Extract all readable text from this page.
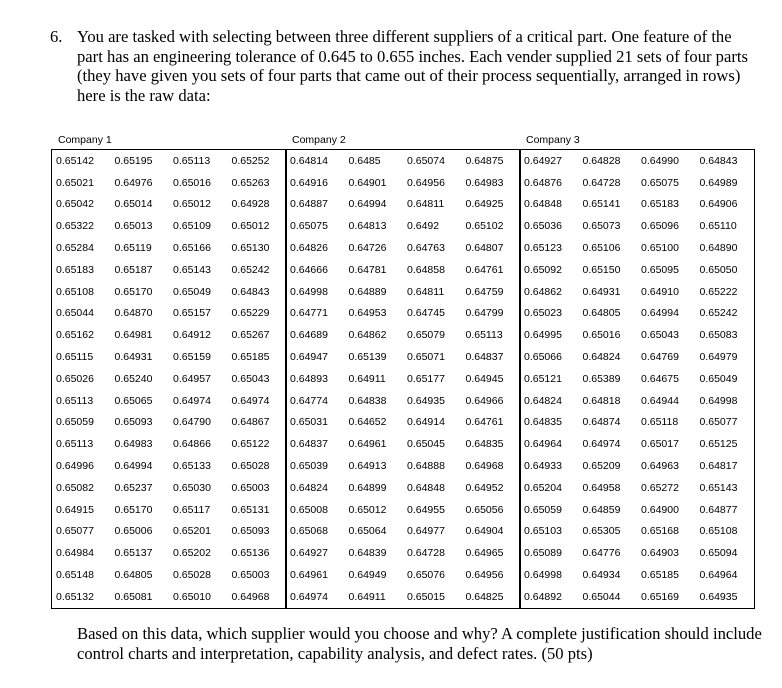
6. You are tasked with selecting between three different suppliers of a critical part. One feature of the part has an engineering tolerance of 0.645 to 0.655 inches. Each vender supplied 21 sets of four parts (they have given you sets of four parts that came out of their process sequentially, arranged in rows) here is the raw data:
Company 1
0.65142	0.65195	0.65113	0.65252
0.65021	0.64976	0.65016	0.65263
0.65042	0.65014	0.65012	0.64928
0.65322	0.65013	0.65109	0.65012
0.65284	0.65119	0.65166	0.65130
0.65183	0.65187	0.65143	0.65242
0.65108	0.65170	0.65049	0.64843
0.65044	0.64870	0.65157	0.65229
0.65162	0.64981	0.64912	0.65267
0.65115	0.64931	0.65159	0.65185
0.65026	0.65240	0.64957	0.65043
0.65113	0.65065	0.64974	0.64974
0.65059	0.65093	0.64790	0.64867
0.65113	0.64983	0.64866	0.65122
0.64996	0.64994	0.65133	0.65028
0.65082	0.65237	0.65030	0.65003
0.64915	0.65170	0.65117	0.65131
0.65077	0.65006	0.65201	0.65093
0.64984	0.65137	0.65202	0.65136
0.65148	0.64805	0.65028	0.65003
0.65132	0.65081	0.65010	0.64968
Company 2
0.64814	0.6485	0.65074	0.64875
0.64916	0.64901	0.64956	0.64983
0.64887	0.64994	0.64811	0.64925
0.65075	0.64813	0.6492	0.65102
0.64826	0.64726	0.64763	0.64807
0.64666	0.64781	0.64858	0.64761
0.64998	0.64889	0.64811	0.64759
0.64771	0.64953	0.64745	0.64799
0.64689	0.64862	0.65079	0.65113
0.64947	0.65139	0.65071	0.64837
0.64893	0.64911	0.65177	0.64945
0.64774	0.64838	0.64935	0.64966
0.65031	0.64652	0.64914	0.64761
0.64837	0.64961	0.65045	0.64835
0.65039	0.64913	0.64888	0.64968
0.64824	0.64899	0.64848	0.64952
0.65008	0.65012	0.64955	0.65056
0.65068	0.65064	0.64977	0.64904
0.64927	0.64839	0.64728	0.64965
0.64961	0.64949	0.65076	0.64956
0.64974	0.64911	0.65015	0.64825
Company 3
0.64927	0.64828	0.64990	0.64843
0.64876	0.64728	0.65075	0.64989
0.64848	0.65141	0.65183	0.64906
0.65036	0.65073	0.65096	0.65110
0.65123	0.65106	0.65100	0.64890
0.65092	0.65150	0.65095	0.65050
0.64862	0.64931	0.64910	0.65222
0.65023	0.64805	0.64994	0.65242
0.64995	0.65016	0.65043	0.65083
0.65066	0.64824	0.64769	0.64979
0.65121	0.65389	0.64675	0.65049
0.64824	0.64818	0.64944	0.64998
0.64835	0.64874	0.65118	0.65077
0.64964	0.64974	0.65017	0.65125
0.64933	0.65209	0.64963	0.64817
0.65204	0.64958	0.65272	0.65143
0.65059	0.64859	0.64900	0.64877
0.65103	0.65305	0.65168	0.65108
0.65089	0.64776	0.64903	0.65094
0.64998	0.64934	0.65185	0.64964
0.64892	0.65044	0.65169	0.64935
Based on this data, which supplier would you choose and why? A complete justification should include control charts and interpretation, capability analysis, and defect rates. (50 pts)
